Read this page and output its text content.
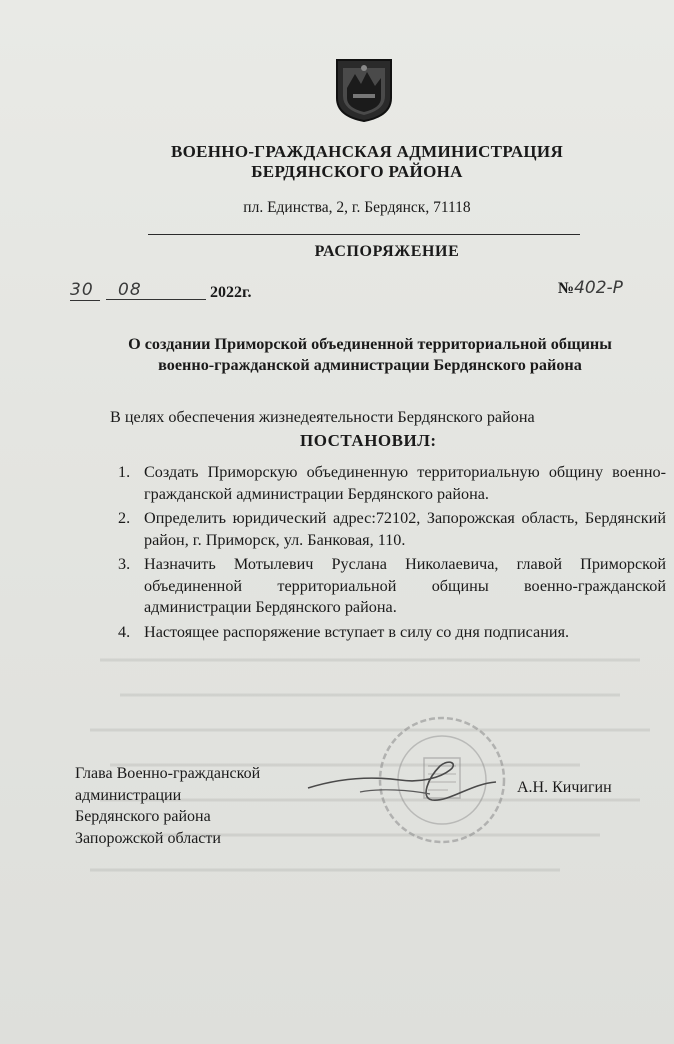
ВОЕННО-ГРАЖДАНСКАЯ АДМИНИСТРАЦИЯ
БЕРДЯНСКОГО РАЙОНА
пл. Единства, 2, г. Бердянск, 71118
РАСПОРЯЖЕНИЕ
30	08	2022г.	№402-Р
О создании Приморской объединенной территориальной общины
военно-гражданской администрации Бердянского района
В целях обеспечения жизнедеятельности Бердянского района
ПОСТАНОВИЛ:
1. Создать Приморскую объединенную территориальную общину военно-гражданской администрации Бердянского района.
2. Определить юридический адрес:72102, Запорожская область, Бердянский район, г. Приморск, ул. Банковая, 110.
3. Назначить Мотылевич Руслана Николаевича, главой Приморской объединенной территориальной общины военно-гражданской администрации Бердянского района.
4. Настоящее распоряжение вступает в силу со дня подписания.
Глава Военно-гражданской
администрации
Бердянского района
Запорожской области
А.Н. Кичигин
